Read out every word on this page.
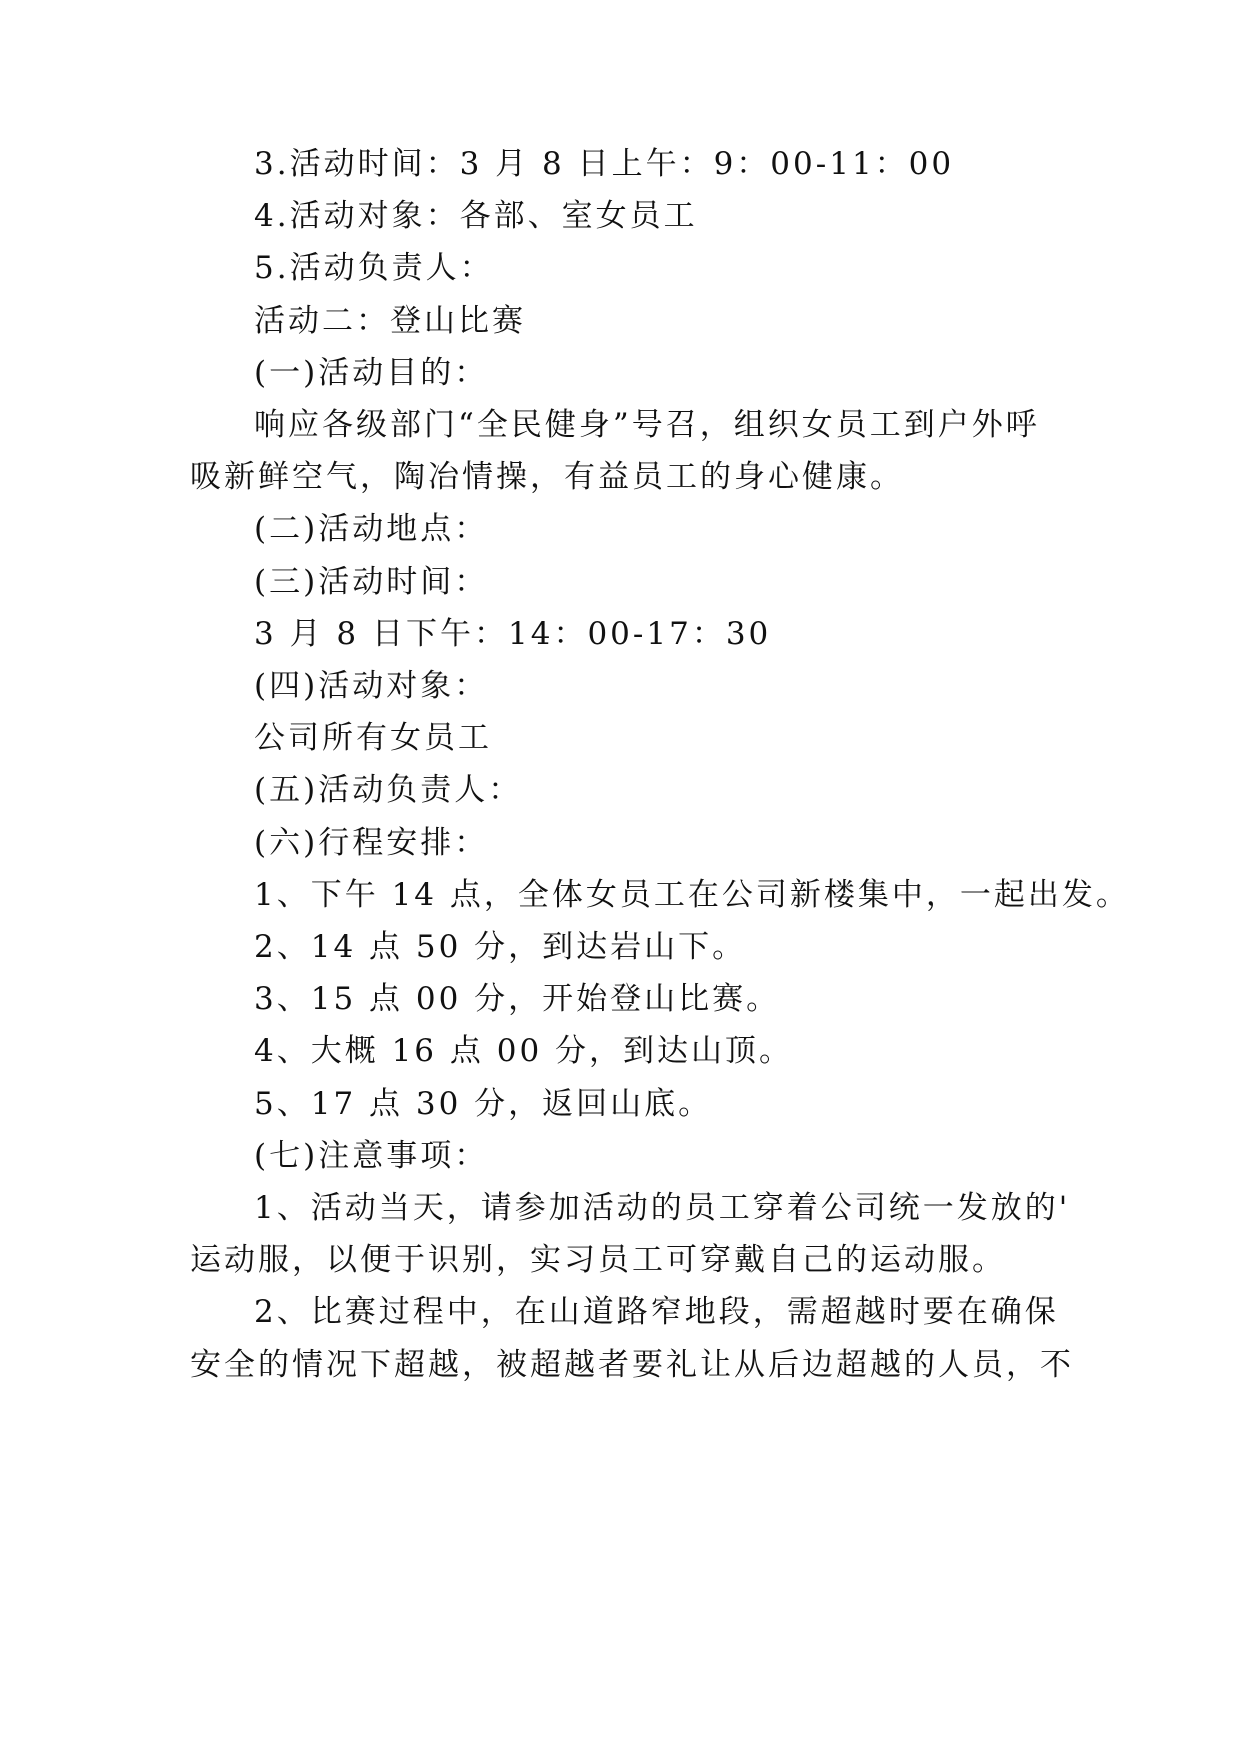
3.活动时间：3 月 8 日上午：9：00-11：00
4.活动对象：各部、室女员工
5.活动负责人：
活动二：登山比赛
(一)活动目的：
响应各级部门“全民健身”号召，组织女员工到户外呼
吸新鲜空气，陶冶情操，有益员工的身心健康。
(二)活动地点：
(三)活动时间：
3 月 8 日下午：14：00-17：30
(四)活动对象：
公司所有女员工
(五)活动负责人：
(六)行程安排：
1、下午 14 点，全体女员工在公司新楼集中，一起出发。
2、14 点 50 分，到达岩山下。
3、15 点 00 分，开始登山比赛。
4、大概 16 点 00 分，到达山顶。
5、17 点 30 分，返回山底。
(七)注意事项：
1、活动当天，请参加活动的员工穿着公司统一发放的'
运动服，以便于识别，实习员工可穿戴自己的运动服。
2、比赛过程中，在山道路窄地段，需超越时要在确保
安全的情况下超越，被超越者要礼让从后边超越的人员，不
